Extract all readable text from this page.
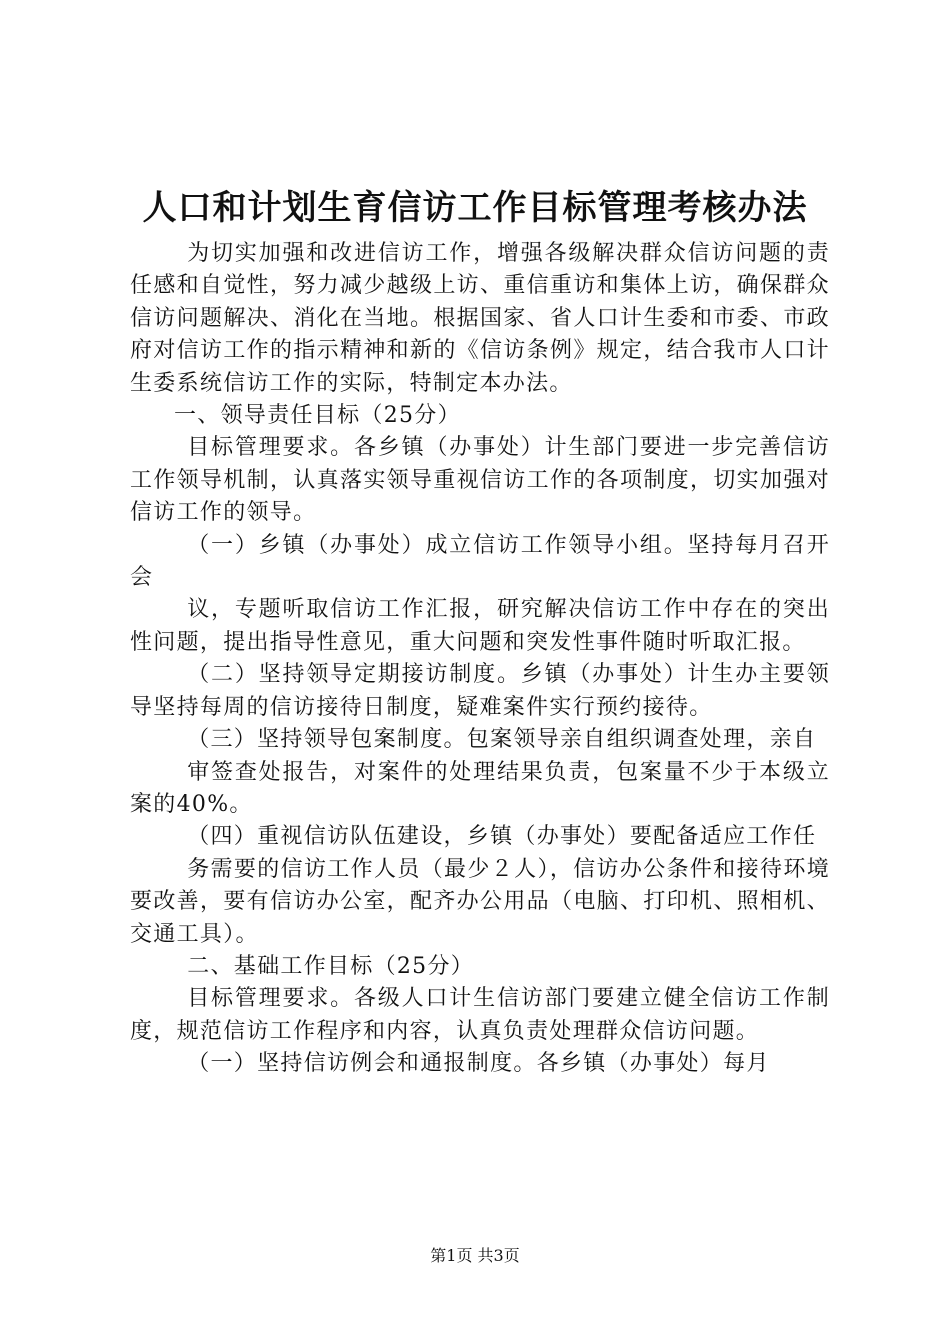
人口和计划生育信访工作目标管理考核办法

为切实加强和改进信访工作，增强各级解决群众信访问题的责任感和自觉性，努力减少越级上访、重信重访和集体上访，确保群众信访问题解决、消化在当地。根据国家、省人口计生委和市委、市政府对信访工作的指示精神和新的《信访条例》规定，结合我市人口计生委系统信访工作的实际，特制定本办法。

一、领导责任目标（25分）

目标管理要求。各乡镇（办事处）计生部门要进一步完善信访工作领导机制，认真落实领导重视信访工作的各项制度，切实加强对信访工作的领导。

（一）乡镇（办事处）成立信访工作领导小组。坚持每月召开会

议，专题听取信访工作汇报，研究解决信访工作中存在的突出性问题，提出指导性意见，重大问题和突发性事件随时听取汇报。

（二）坚持领导定期接访制度。乡镇（办事处）计生办主要领导坚持每周的信访接待日制度，疑难案件实行预约接待。

（三）坚持领导包案制度。包案领导亲自组织调查处理，亲自

审签查处报告，对案件的处理结果负责，包案量不少于本级立案的40%。

（四）重视信访队伍建设，乡镇（办事处）要配备适应工作任

务需要的信访工作人员（最少２人），信访办公条件和接待环境要改善，要有信访办公室，配齐办公用品（电脑、打印机、照相机、交通工具）。

二、基础工作目标（25分）

目标管理要求。各级人口计生信访部门要建立健全信访工作制度，规范信访工作程序和内容，认真负责处理群众信访问题。

（一）坚持信访例会和通报制度。各乡镇（办事处）每月

第1页 共3页
